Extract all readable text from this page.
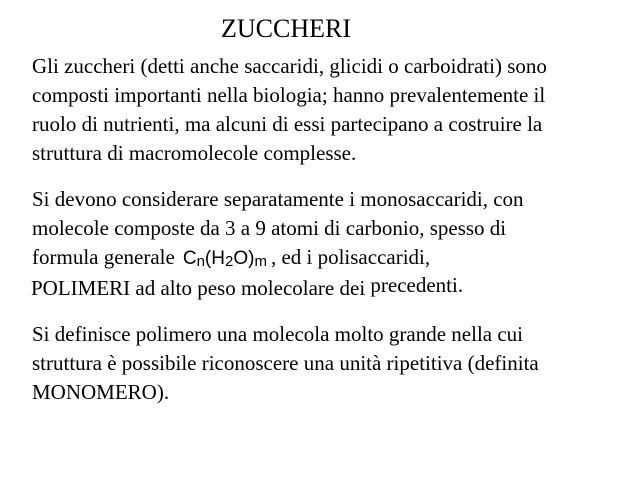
ZUCCHERI
Gli zuccheri (detti anche saccaridi, glicidi o carboidrati) sono
composti importanti nella biologia; hanno prevalentemente il
ruolo di nutrienti, ma alcuni di essi partecipano a costruire la
struttura di macromolecole complesse.
Si devono considerare separatamente i monosaccaridi, con
molecole composte da 3 a 9 atomi di carbonio, spesso di
formula generale Cn(H2O)m , ed i polisaccaridi,
POLIMERI ad alto peso molecolare dei precedenti.
Si definisce polimero una molecola molto grande nella cui
struttura è possibile riconoscere una unità ripetitiva (definita
MONOMERO).
